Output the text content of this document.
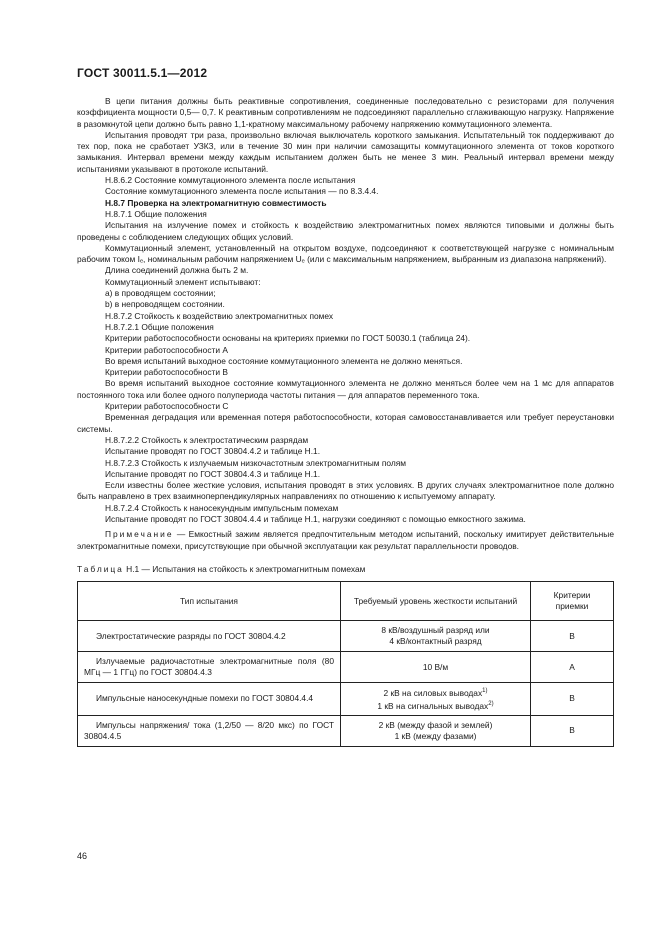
ГОСТ 30011.5.1—2012

В цепи питания должны быть реактивные сопротивления, соединенные последовательно с резисторами для получения коэффициента мощности 0,5— 0,7. К реактивным сопротивлениям не подсоединяют параллельно сглаживающую нагрузку. Напряжение в разомкнутой цепи должно быть равно 1,1-кратному максимальному рабочему напряжению коммутационного элемента.

Испытания проводят три раза, произвольно включая выключатель короткого замыкания. Испытательный ток поддерживают до тех пор, пока не сработает УЗКЗ, или в течение 30 мин при наличии самозащиты коммутационного элемента от токов короткого замыкания. Интервал времени между каждым испытанием должен быть не менее 3 мин. Реальный интервал времени между испытаниями указывают в протоколе испытаний.

Н.8.6.2 Состояние коммутационного элемента после испытания

Состояние коммутационного элемента после испытания — по 8.3.4.4.

Н.8.7 Проверка на электромагнитную совместимость

Н.8.7.1 Общие положения

Испытания на излучение помех и стойкость к воздействию электромагнитных помех являются типовыми и должны быть проведены с соблюдением следующих общих условий.

Коммутационный элемент, установленный на открытом воздухе, подсоединяют к соответствующей нагрузке с номинальным рабочим током Iₑ, номинальным рабочим напряжением Uₑ (или с максимальным напряжением, выбранным из диапазона напряжений).

Длина соединений должна быть 2 м.

Коммутационный элемент испытывают:

а) в проводящем состоянии;

b) в непроводящем состоянии.

Н.8.7.2 Стойкость к воздействию электромагнитных помех

Н.8.7.2.1 Общие положения

Критерии работоспособности основаны на критериях приемки по ГОСТ 50030.1 (таблица 24).

Критерии работоспособности А

Во время испытаний выходное состояние коммутационного элемента не должно меняться.

Критерии работоспособности В

Во время испытаний выходное состояние коммутационного элемента не должно меняться более чем на 1 мс для аппаратов постоянного тока или более одного полупериода частоты питания — для аппаратов переменного тока.

Критерии работоспособности С

Временная деградация или временная потеря работоспособности, которая самовосстанавливается или требует переустановки системы.

Н.8.7.2.2 Стойкость к электростатическим разрядам

Испытание проводят по ГОСТ 30804.4.2 и таблице Н.1.

Н.8.7.2.3 Стойкость к излучаемым низкочастотным электромагнитным полям

Испытание проводят по ГОСТ 30804.4.3 и таблице Н.1.

Если известны более жесткие условия, испытания проводят в этих условиях. В других случаях электромагнитное поле должно быть направлено в трех взаимноперпендикулярных направлениях по отношению к испытуемому аппарату.

Н.8.7.2.4 Стойкость к наносекундным импульсным помехам

Испытание проводят по ГОСТ 30804.4.4 и таблице Н.1, нагрузки соединяют с помощью емкостного зажима.

Примечание — Емкостный зажим является предпочтительным методом испытаний, поскольку имитирует действительные электромагнитные помехи, присутствующие при обычной эксплуатации как результат параллельности проводов.

Таблица Н.1 — Испытания на стойкость к электромагнитным помехам

Тип испытания	Требуемый уровень жесткости испытаний	Критерии приемки
Электростатические разряды по ГОСТ 30804.4.2	8 кВ/воздушный разряд или
4 кВ/контактный разряд	В
Излучаемые радиочастотные электромагнитные поля (80 МГц — 1 ГГц) по ГОСТ 30804.4.3	10 В/м	А
Импульсные наносекундные помехи по ГОСТ 30804.4.4	2 кВ на силовых выводах$^{1)}$
1 кВ на сигнальных выводах$^{2)}$	В
Импульсы напряжения/ тока (1,2/50 — 8/20 мкс) по ГОСТ 30804.4.5	2 кВ (между фазой и землей)
1 кВ (между фазами)	В
46
